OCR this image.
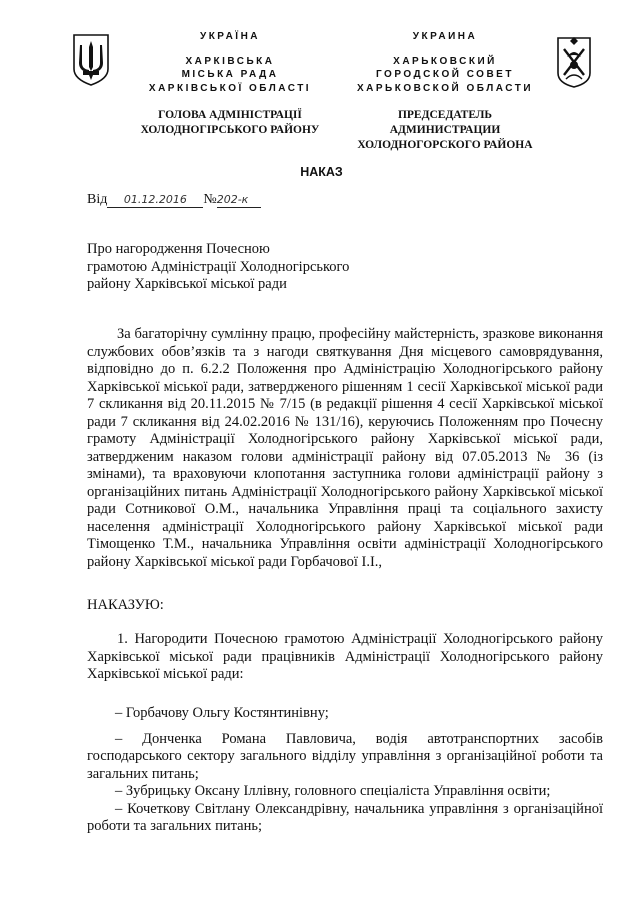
УКРАЇНА
ХАРКІВСЬКА
МІСЬКА РАДА
ХАРКІВСЬКОЇ ОБЛАСТІ
ГОЛОВА АДМІНІСТРАЦІЇ
ХОЛОДНОГІРСЬКОГО РАЙОНУ
УКРАИНА
ХАРЬКОВСКИЙ
ГОРОДСКОЙ СОВЕТ
ХАРЬКОВСКОЙ ОБЛАСТИ
ПРЕДСЕДАТЕЛЬ АДМИНИСТРАЦИИ
ХОЛОДНОГОРСКОГО РАЙОНА
НАКАЗ
Від 01.12.2016 №202-к
Про нагородження Почесною
грамотою Адміністрації Холодногірського
району Харківської міської ради
За багаторічну сумлінну працю, професійну майстерність, зразкове виконання службових обов’язків та з нагоди святкування Дня місцевого самоврядування, відповідно до п. 6.2.2 Положення про Адміністрацію Холодногірського району Харківської міської ради, затвердженого рішенням 1 сесії Харківської міської ради 7 скликання від 20.11.2015 № 7/15 (в редакції рішення 4 сесії Харківської міської ради 7 скликання від 24.02.2016 № 131/16), керуючись Положенням про Почесну грамоту Адміністрації Холодногірського району Харківської міської ради, затвердженим наказом голови адміністрації району від 07.05.2013 № 36 (із змінами), та враховуючи клопотання заступника голови адміністрації району з організаційних питань Адміністрації Холодногірського району Харківської міської ради Сотникової О.М., начальника Управління праці та соціального захисту населення адміністрації Холодногірського району Харківської міської ради Тімощенко Т.М., начальника Управління освіти адміністрації Холодногірського району Харківської міської ради Горбачової І.І.,
НАКАЗУЮ:
1. Нагородити Почесною грамотою Адміністрації Холодногірського району Харківської міської ради працівників Адміністрації Холодногірського району Харківської міської ради:
– Горбачову Ольгу Костянтинівну;
– Донченка Романа Павловича, водія автотранспортних засобів господарського сектору загального відділу управління з організаційної роботи та загальних питань;
– Зубрицьку Оксану Іллівну, головного спеціаліста Управління освіти;
– Кочеткову Світлану Олександрівну, начальника управління з організаційної роботи та загальних питань;
